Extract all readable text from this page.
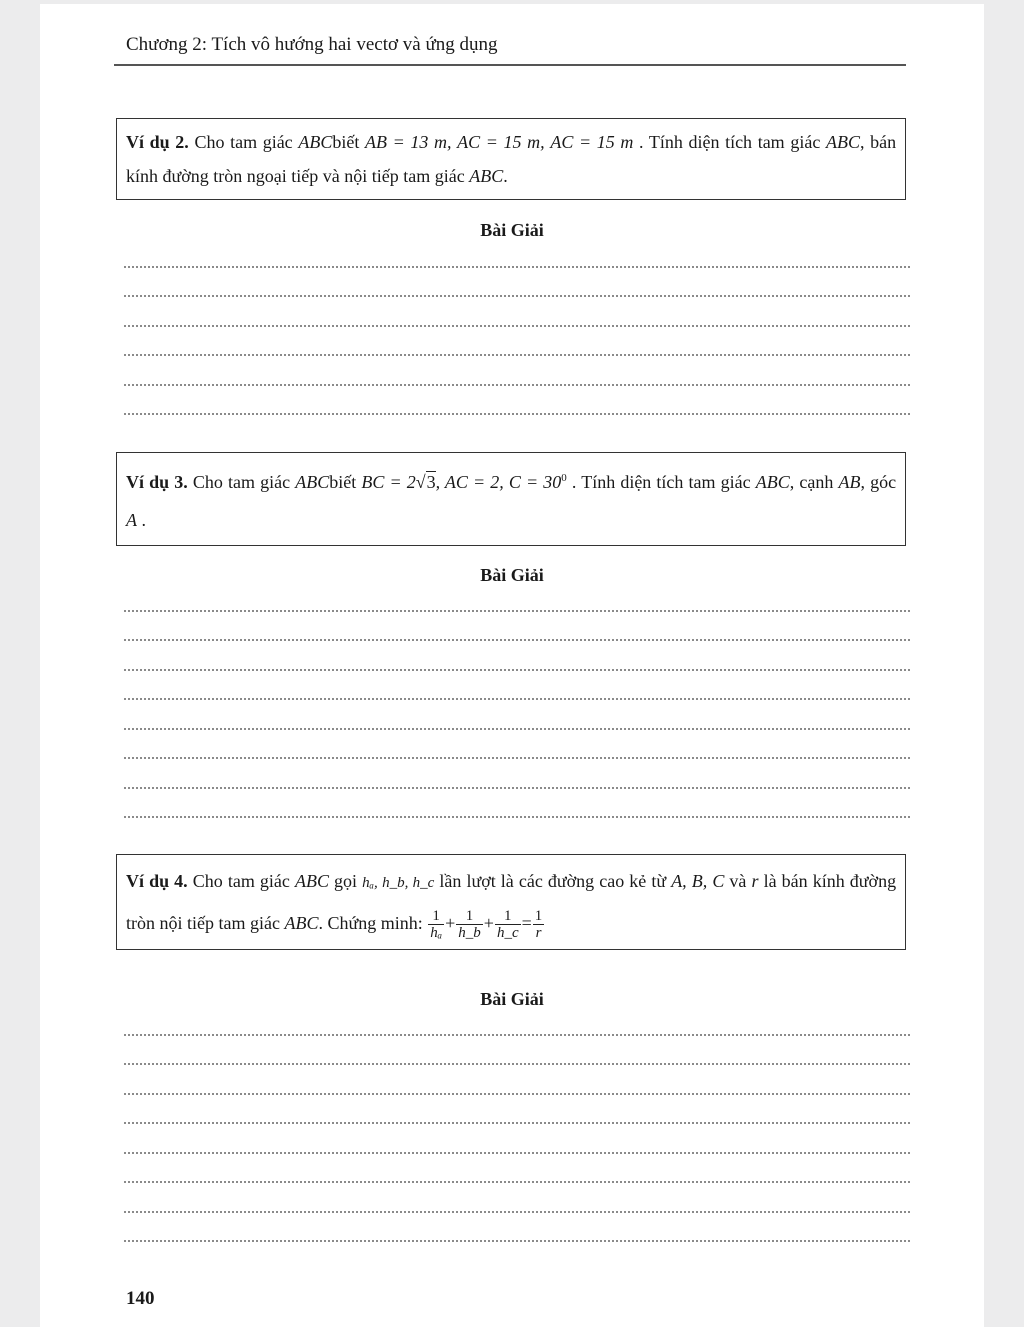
Chương 2: Tích vô hướng hai vectơ và ứng dụng
Ví dụ 2. Cho tam giác ABCbiết AB = 13 m, AC = 15 m, AC = 15 m . Tính diện tích tam giác ABC, bán kính đường tròn ngoại tiếp và nội tiếp tam giác ABC.
Bài Giải
Ví dụ 3. Cho tam giác ABCbiết BC = 2√3, AC = 2, $C = 30^0$ . Tính diện tích tam giác ABC, cạnh AB, góc A .
Bài Giải
Ví dụ 4. Cho tam giác ABC gọi hₐ, h_b, h_c lần lượt là các đường cao kẻ từ A, B, C và r là bán kính đường tròn nội tiếp tam giác ABC. Chứng minh: $\frac{1}{\text{hₐ}} + \frac{1}{h\_b} + \frac{1}{h\_c} = \frac{1}{r}$
Bài Giải
140
